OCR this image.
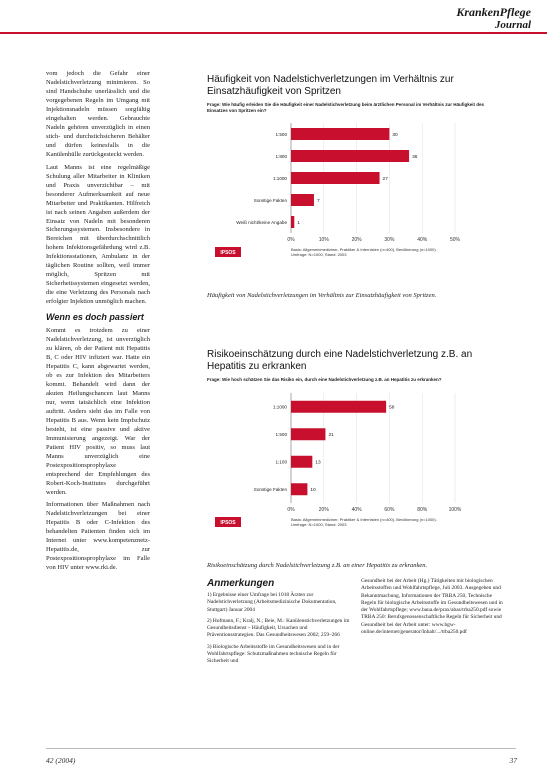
KrankenPflege
Journal

vom jedoch die Gefahr einer Nadelstichverletzung minimieren. So sind Handschuhe unerlässlich und die vorgegebenen Regeln im Umgang mit Injektionsnadeln müssen sorgfältig eingehalten werden. Gebrauchte Nadeln gehören unverzüglich in einen stich- und durchstichsicheren Behälter und dürfen keinesfalls in die Kanülenhülle zurückgesteckt werden.

Laut Manns ist eine regelmäßige Schulung aller Mitarbeiter in Kliniken und Praxis unverzichtbar – mit besonderer Aufmerksamkeit auf neue Mitarbeiter und Praktikanten. Hilfreich ist nach seinen Angaben außerdem der Einsatz von Nadeln mit besonderen Sicherungssystemen. Insbesondere in Bereichen mit überdurchschnittlich hohem Infektionsgefährdung wird z.B. Infektionsstationen, Ambulanz in der täglichen Routine sollten, weil immer möglich, Spritzen mit Sicherheitssystemen eingesetzt werden, die eine Verletzung des Personals nach erfolgter Injektion unmöglich machen.

Wenn es doch passiert

Kommt es trotzdem zu einer Nadelstichverletzung, ist unverzüglich zu klären, ob der Patient mit Hepatitis B, C oder HIV infiziert war. Hatte ein Hepatitis C, kann abgewartet werden, ob es zur Infektion des Mitarbeiters kommt. Behandelt wird dann der akuten Heilungschancen laut Manns nur, wenn tatsächlich eine Infektion auftritt. Anders sieht das im Falle von Hepatitis B aus. Wenn kein Impfschutz besteht, ist eine passive und aktive Immunisierung angezeigt. War der Patient HIV positiv, so muss laut Manns unverzüglich eine Postexpositionsprophylaxe entsprechend der Empfehlungen des Robert-Koch-Institutes durchgeführt werden.

Informationen über Maßnahmen nach Nadelstichverletzungen bei einer Hepatitis B oder C-Infektion des behandelten Patienten finden sich im Internet unter www.kompetenznetz-Hepatitis.de, zur Postexpositionsprophylaxe im Falle von HIV unter www.rki.de.

Häufigkeit von Nadelstichverletzungen im Verhältnis zur Einsatzhäufigkeit von Spritzen
Frage: Wie häufig erleiden Sie die Häufigkeit einer Nadelstichverletzung beim ärztlichen Personal im Verhältnis zur Häufigkeit des Einsatzes von Spritzen ein?
0%	10%	20%	30%	40%	50%
1:500	30
1:800	36
1:1000	27
Sonstige Fakten	7
Weiß nicht/keine Angabe 1
IPSOS
Basis: Allgemeinmediziner, Praktiker & Internisten (n=400), Bevölkerung (n=1000).
Umfrage: N=1000, Stand: 2003
Häufigkeit von Nadelstichverletzungen im Verhältnis zur Einsatzhäufigkeit von Spritzen.
Risikoeinschätzung durch eine Nadelstichverletzung z.B. an Hepatitis zu erkranken
Frage: Wie hoch schätzen Sie das Risiko ein, durch eine Nadelstichverletzung z.B. an Hepatitis zu erkranken?
0%	20%	40%	60%	80%	100%
1:1000	58
1:500	21
1:100	13
Sonstige Fakten	10
IPSOS
Basis: Allgemeinmediziner, Praktiker & Internisten (n=400), Bevölkerung (n=1000).
Umfrage: N=1000, Stand: 2003
Risikoeinschätzung durch Nadelstichverletzung z.B. an einer Hepatitis zu erkranken.
Anmerkungen

1) Ergebnisse einer Umfrage bei 1018 Ärzten zur Nadelstichverletzung (Arbeitsmedizinische Dokumentation, Stuttgart) Januar 2004

2) Hofmann, F.; Kralj, N.; Beie, M.: Kanülenstichverletzungen im Gesundheitsdienst – Häufigkeit, Ursachen und Präventionsstrategien. Das Gesundheitswesen 2002; 259–266

3) Biologische Arbeitsstoffe im Gesundheitswesen und in der Wohlfahrtspflege: Schutzmaßnahmen technische Regeln für Sicherheit und

Gesundheit bei der Arbeit (Hg.) Tätigkeiten mit biologischen Arbeitsstoffen und Wohlfahrtspflege, Juli 2003. Ausgegeben und Bekanntmachung, Informationen der TRBA 250, Technische Regeln für biologische Arbeitsstoffe im Gesundheitswesen und in der Wohlfahrtspflege; www.baua.de/prax/abas/trba250.pdf sowie TRBA 250: Berufsgenossenschaftliche Regeln für Sicherheit und Gesundheit bei der Arbeit unter: www.bgw-online.de/internet/generator/Inhalt/.../trba250.pdf

42 (2004)	37
